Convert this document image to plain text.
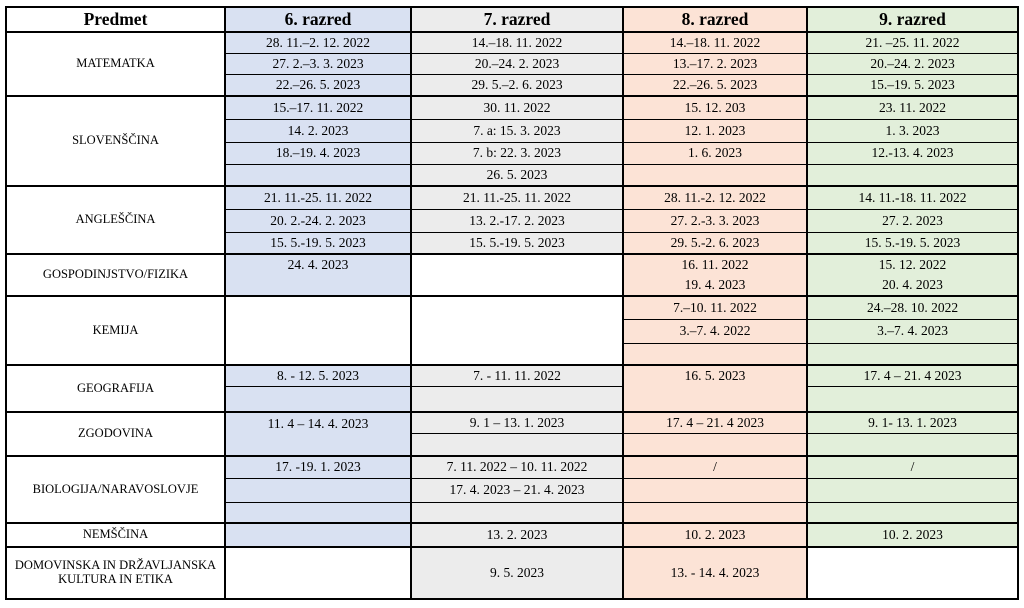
Predmet	6. razred	7. razred	8. razred	9. razred
MATEMATKA	28. 11.–2. 12. 2022	14.–18. 11. 2022	14.–18. 11. 2022	21. –25. 11. 2022
	27. 2.–3. 3. 2023	20.–24. 2. 2023	13.–17. 2. 2023	20.–24. 2. 2023
	22.–26. 5. 2023	29. 5.–2. 6. 2023	22.–26. 5. 2023	15.–19. 5. 2023
SLOVENŠČINA	15.–17. 11. 2022	30. 11. 2022	15. 12. 203	23. 11. 2022
	14. 2. 2023	7. a: 15. 3. 2023	12. 1. 2023	1. 3. 2023
	18.–19. 4. 2023	7. b: 22. 3. 2023	1. 6. 2023	12.-13. 4. 2023
		26. 5. 2023		
ANGLEŠČINA	21. 11.-25. 11. 2022	21. 11.-25. 11. 2022	28. 11.-2. 12. 2022	14. 11.-18. 11. 2022
	20. 2.-24. 2. 2023	13. 2.-17. 2. 2023	27. 2.-3. 3. 2023	27. 2. 2023
	15. 5.-19. 5. 2023	15. 5.-19. 5. 2023	29. 5.-2. 6. 2023	15. 5.-19. 5. 2023
GOSPODINJSTVO/FIZIKA	24. 4. 2023		16. 11. 2022	15. 12. 2022
			19. 4. 2023	20. 4. 2023
KEMIJA			7.–10. 11. 2022	24.–28. 10. 2022
			3.–7. 4. 2022	3.–7. 4. 2023

GEOGRAFIJA	8. - 12. 5. 2023	7. - 11. 11. 2022	16. 5. 2023	17. 4 – 21. 4 2023

ZGODOVINA	11. 4 – 14. 4. 2023	9. 1 – 13. 1. 2023	17. 4 – 21. 4 2023	9. 1- 13. 1. 2023

BIOLOGIJA/NARAVOSLOVJE	17. -19. 1. 2023	7. 11. 2022 – 10. 11. 2022	/	/
		17. 4. 2023 – 21. 4. 2023		

NEMŠČINA		13. 2. 2023	10. 2. 2023	10. 2. 2023
DOMOVINSKA IN DRŽAVLJANSKA KULTURA IN ETIKA		9. 5. 2023	13. - 14. 4. 2023	
